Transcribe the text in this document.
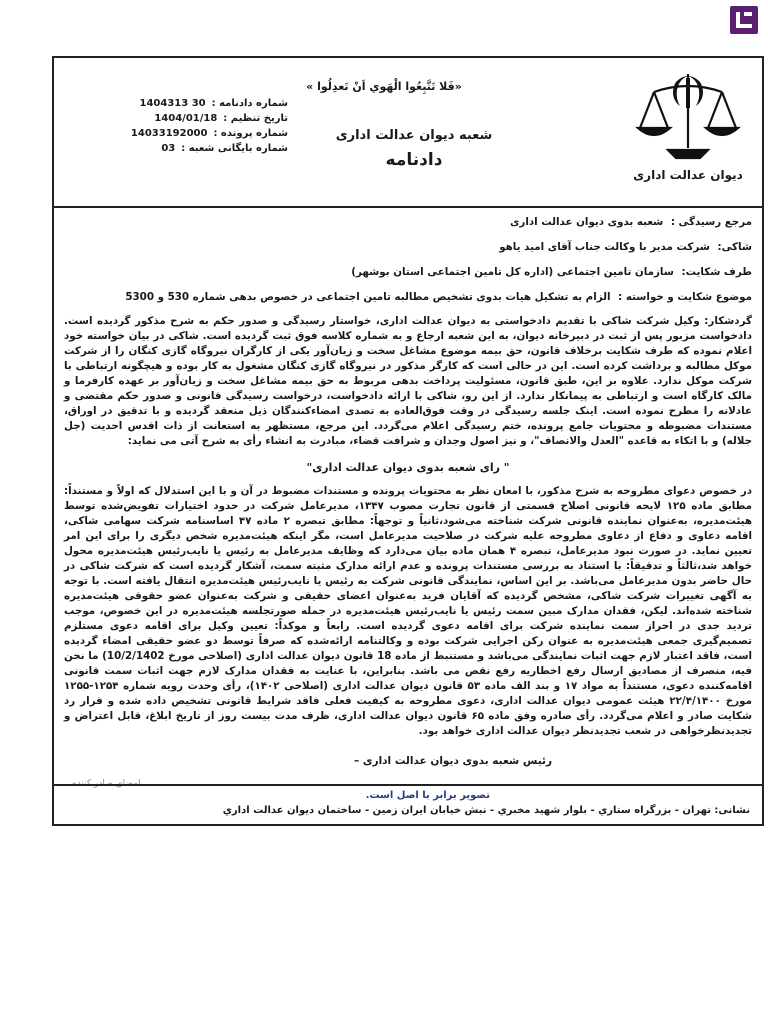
دیوان عدالت اداری
«فَلا تَتَّبِعُوا الْهَوي اَنْ تَعدِلُوا »
شعبه دیوان عدالت اداری
دادنامه
شماره دادنامه :
1404313 30
تاریخ تنظیم :
1404/01/18
شماره پرونده :
14033192000
شماره بایگانی شعبه :
03
مرجع رسیدگی : شعبه بدوی دیوان عدالت اداری
شاکی: شرکت مدیر با وکالت جناب آقای امید یاهو
طرف شکایت: سازمان تامین اجتماعی (اداره کل تامین اجتماعی استان بوشهر)
موضوع شکایت و خواسته : الزام به تشکیل هیات بدوی تشخیص مطالبه تامین اجتماعی در خصوص بدهی شماره 530 و 5300

گردشکار: وکیل شرکت شاکی با تقدیم دادخواستی به دیوان عدالت اداری، خواستار رسیدگی و صدور حکم به شرح مذکور گردیده است. دادخواست مزبور پس از ثبت در دبیرخانه دیوان، به این شعبه ارجاع و به شماره کلاسه فوق ثبت گردیده است. شاکی در بیان خواسته خود اعلام نموده که طرف شکایت برخلاف قانون، حق بیمه موضوع مشاغل سخت و زیان‌آور یکی از کارگران نیروگاه گازی کنگان را از شرکت موکل مطالبه و برداشت کرده است. این در حالی است که کارگر مذکور در نیروگاه گازی کنگان مشغول به کار بوده و هیچگونه ارتباطی با شرکت موکل ندارد. علاوه بر این، طبق قانون، مسئولیت پرداخت بدهی مربوط به حق بیمه مشاغل سخت و زیان‌آور بر عهده کارفرما و مالک کارگاه است و ارتباطی به پیمانکار ندارد. از این رو، شاکی با ارائه دادخواست، درخواست رسیدگی قانونی و صدور حکم مقتضی و عادلانه را مطرح نموده است. اینک جلسه رسیدگی در وقت فوق‌العاده به تصدی امضاءکنندگان ذیل منعقد گردیده و با تدقیق در اوراق، مستندات مضبوطه و محتویات جامع پرونده، ختم رسیدگی اعلام می‌گردد. این مرجع، مستظهر به استعانت از ذات اقدس احدیت (جل جلاله) و با اتکاء به قاعده "العدل والانصاف"، و نیز اصول وجدان و شرافت قضاء، مبادرت به انشاء رأی به شرح آتی می نماید:

" رای شعبه بدوی دیوان عدالت اداری"

در خصوص دعوای مطروحه به شرح مذکور، با امعان نظر به محتویات پرونده و مستندات مضبوط در آن و با این استدلال که اولاً و مستنداً: مطابق ماده ۱۲۵ لایحه قانونی اصلاح قسمتی از قانون تجارت مصوب ۱۳۴۷، مدیرعامل شرکت در حدود اختیارات تفویض‌شده توسط هیئت‌مدیره، به‌عنوان نماینده قانونی شرکت شناخته می‌شود،ثانیاً و توجهاً: مطابق تبصره ۲ ماده ۴۷ اساسنامه شرکت سهامی شاکی، اقامه دعاوی و دفاع از دعاوی مطروحه علیه شرکت در صلاحیت مدیرعامل است، مگر اینکه هیئت‌مدیره شخص دیگری را برای این امر تعیین نماید. در صورت نبود مدیرعامل، تبصره ۴ همان ماده بیان می‌دارد که وظایف مدیرعامل به رئیس یا نایب‌رئیس هیئت‌مدیره محول خواهد شد،ثالثاً و تدقیقاً: با استناد به بررسی مستندات پرونده و عدم ارائه مدارک مثبته سمت، آشکار گردیده است که شرکت شاکی در حال حاضر بدون مدیرعامل می‌باشد. بر این اساس، نمایندگی قانونی شرکت به رئیس یا نایب‌رئیس هیئت‌مدیره انتقال یافته است. با توجه به آگهی تغییرات شرکت شاکی، مشخص گردیده که آقایان فرید به‌عنوان اعضای حقیقی و شرکت به‌عنوان عضو حقوقی هیئت‌مدیره شناخته شده‌اند. لیکن، فقدان مدارک مبین سمت رئیس یا نایب‌رئیس هیئت‌مدیره در جمله صورتجلسه هیئت‌مدیره در این خصوص، موجب تردید جدی در احراز سمت نماینده شرکت برای اقامه دعوی گردیده است. رابعاً و موکداً: تعیین وکیل برای اقامه دعوی مستلزم تصمیم‌گیری جمعی هیئت‌مدیره به عنوان رکن اجرایی شرکت بوده و وکالتنامه ارائه‌شده که صرفاً توسط دو عضو حقیقی امضاء گردیده است، فاقد اعتبار لازم جهت اثبات نمایندگی می‌باشد و مستنبط از ماده 18 قانون دیوان عدالت اداری (اصلاحی مورخ 10/2/1402) ما نحن فیه، منصرف از مصادیق ارسال رفع اخطاریه رفع نقص می باشد. بنابراین، با عنایت به فقدان مدارک لازم جهت اثبات سمت قانونی اقامه‌کننده دعوی، مستنداً به مواد ۱۷ و بند الف ماده ۵۳ قانون دیوان عدالت اداری (اصلاحی ۱۴۰۲)، رأی وحدت رویه شماره ۱۲۵۴-۱۲۵۵ مورخ ۲۲/۴/۱۴۰۰ هیئت عمومی دیوان عدالت اداری، دعوی مطروحه به کیفیت فعلی فاقد شرایط قانونی تشخیص داده شده و قرار رد شکایت صادر و اعلام می‌گردد. رأی صادره وفق ماده ۶۵ قانون دیوان عدالت اداری، ظرف مدت بیست روز از تاریخ ابلاغ، قابل اعتراض و تجدیدنظرخواهی در شعب تجدیدنظر دیوان عدالت اداری خواهد بود.

رئیس شعبه بدوی دیوان عدالت اداری –
امضای صادر کننده
تصویر برابر با اصل است.
نشانی: تهران - بزرگراه ستاري - بلوار شهيد مخبري - نبش خيابان ايران زمين - ساختمان ديوان عدالت اداري
